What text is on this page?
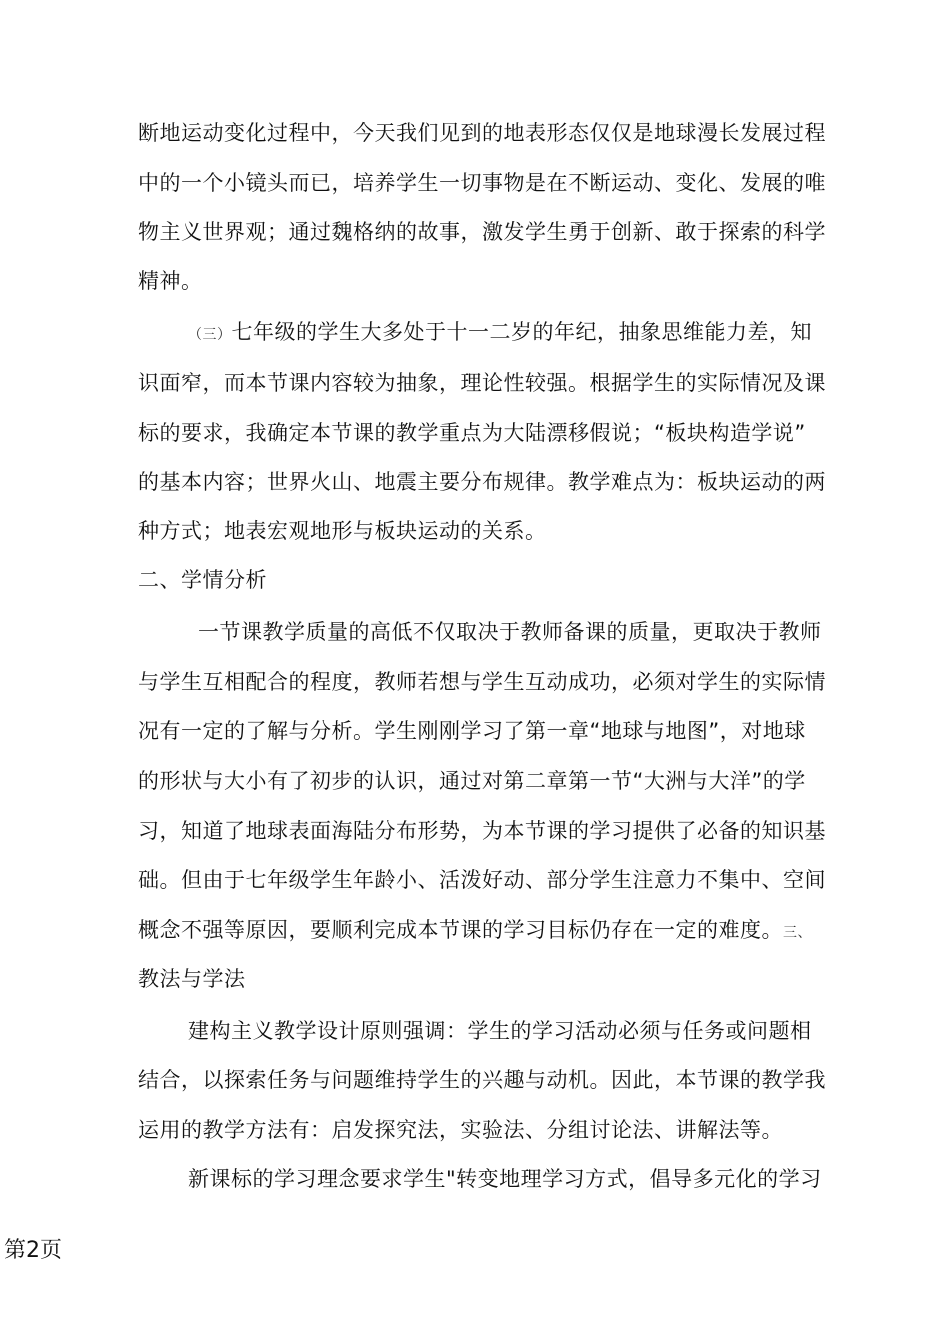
断地运动变化过程中，今天我们见到的地表形态仅仅是地球漫长发展过程
中的一个小镜头而已，培养学生一切事物是在不断运动、变化、发展的唯
物主义世界观；通过魏格纳的故事，激发学生勇于创新、敢于探索的科学
精神。
（三）七年级的学生大多处于十一二岁的年纪，抽象思维能力差，知
识面窄，而本节课内容较为抽象，理论性较强。根据学生的实际情况及课
标的要求，我确定本节课的教学重点为大陆漂移假说；“板块构造学说”
的基本内容；世界火山、地震主要分布规律。教学难点为：板块运动的两
种方式；地表宏观地形与板块运动的关系。
二、学情分析
一节课教学质量的高低不仅取决于教师备课的质量，更取决于教师
与学生互相配合的程度，教师若想与学生互动成功，必须对学生的实际情
况有一定的了解与分析。学生刚刚学习了第一章“地球与地图”，对地球
的形状与大小有了初步的认识，通过对第二章第一节“大洲与大洋”的学
习，知道了地球表面海陆分布形势，为本节课的学习提供了必备的知识基
础。但由于七年级学生年龄小、活泼好动、部分学生注意力不集中、空间
概念不强等原因，要顺利完成本节课的学习目标仍存在一定的难度。三、
教法与学法
建构主义教学设计原则强调：学生的学习活动必须与任务或问题相
结合，以探索任务与问题维持学生的兴趣与动机。因此，本节课的教学我
运用的教学方法有：启发探究法，实验法、分组讨论法、讲解法等。
新课标的学习理念要求学生"转变地理学习方式，倡导多元化的学习
第2页
